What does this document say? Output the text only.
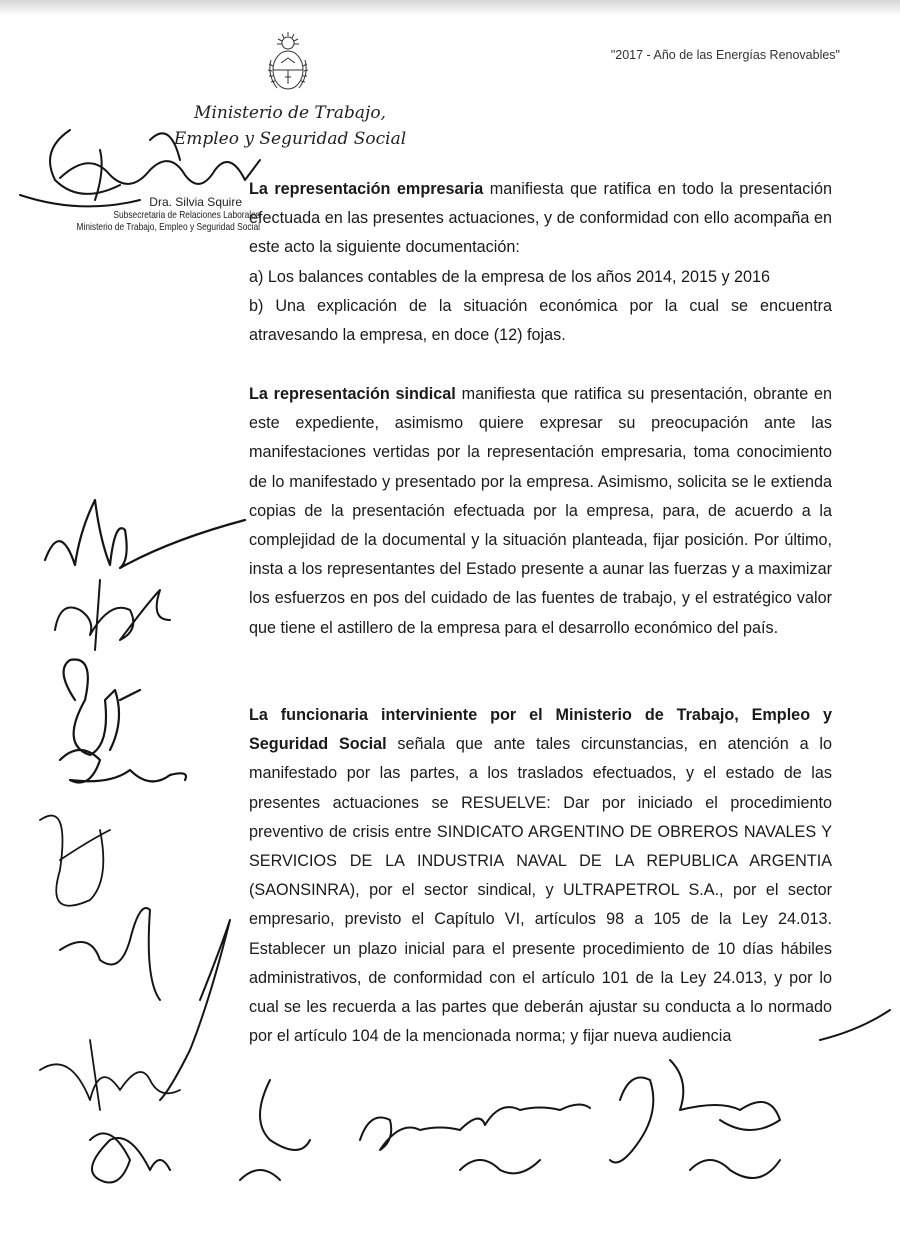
"2017 - Año de las Energías Renovables"
Ministerio de Trabajo,
Empleo y Seguridad Social
Dra. Silvia Squire
Subsecretaria de Relaciones Laborales
Ministerio de Trabajo, Empleo y Seguridad Social

La representación empresaria manifiesta que ratifica en todo la presentación efectuada en las presentes actuaciones, y de conformidad con ello acompaña en este acto la siguiente documentación:

a) Los balances contables de la empresa de los años 2014, 2015 y 2016

b) Una explicación de la situación económica por la cual se encuentra atravesando la empresa, en doce (12) fojas.

La representación sindical manifiesta que ratifica su presentación, obrante en este expediente, asimismo quiere expresar su preocupación ante las manifestaciones vertidas por la representación empresaria, toma conocimiento de lo manifestado y presentado por la empresa. Asimismo, solicita se le extienda copias de la presentación efectuada por la empresa, para, de acuerdo a la complejidad de la documental y la situación planteada, fijar posición. Por último, insta a los representantes del Estado presente a aunar las fuerzas y a maximizar los esfuerzos en pos del cuidado de las fuentes de trabajo, y el estratégico valor que tiene el astillero de la empresa para el desarrollo económico del país.

La funcionaria interviniente por el Ministerio de Trabajo, Empleo y Seguridad Social señala que ante tales circunstancias, en atención a lo manifestado por las partes, a los traslados efectuados, y el estado de las presentes actuaciones se RESUELVE: Dar por iniciado el procedimiento preventivo de crisis entre SINDICATO ARGENTINO DE OBREROS NAVALES Y SERVICIOS DE LA INDUSTRIA NAVAL DE LA REPUBLICA ARGENTIA (SAONSINRA), por el sector sindical, y ULTRAPETROL S.A., por el sector empresario, previsto el Capítulo VI, artículos 98 a 105 de la Ley 24.013. Establecer un plazo inicial para el presente procedimiento de 10 días hábiles administrativos, de conformidad con el artículo 101 de la Ley 24.013, y por lo cual se les recuerda a las partes que deberán ajustar su conducta a lo normado por el artículo 104 de la mencionada norma; y fijar nueva audiencia
